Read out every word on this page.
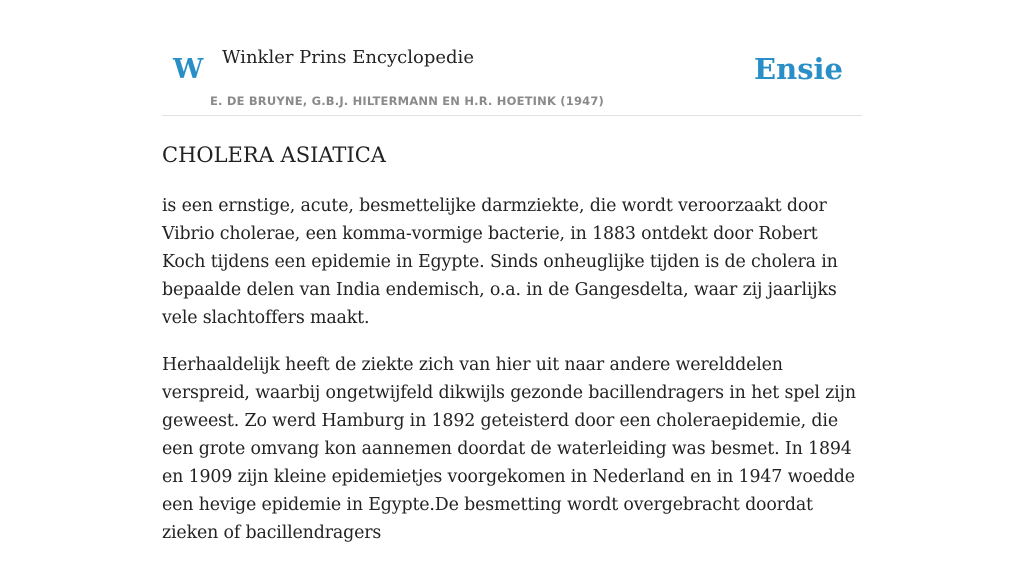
W Winkler Prins Encyclopedie
E. DE BRUYNE, G.B.J. HILTERMANN EN H.R. HOETINK (1947)
Ensie
CHOLERA ASIATICA

is een ernstige, acute, besmettelijke darmziekte, die wordt veroorzaakt door Vibrio cholerae, een komma-vormige bacterie, in 1883 ontdekt door Robert Koch tijdens een epidemie in Egypte. Sinds onheuglijke tijden is de cholera in bepaalde delen van India endemisch, o.a. in de Gangesdelta, waar zij jaarlijks vele slachtoffers maakt.

Herhaaldelijk heeft de ziekte zich van hier uit naar andere werelddelen verspreid, waarbij ongetwijfeld dikwijls gezonde bacillendragers in het spel zijn geweest. Zo werd Hamburg in 1892 geteisterd door een choleraepidemie, die een grote omvang kon aannemen doordat de waterleiding was besmet. In 1894 en 1909 zijn kleine epidemietjes voorgekomen in Nederland en in 1947 woedde een hevige epidemie in Egypte.De besmetting wordt overgebracht doordat zieken of bacillendragers
